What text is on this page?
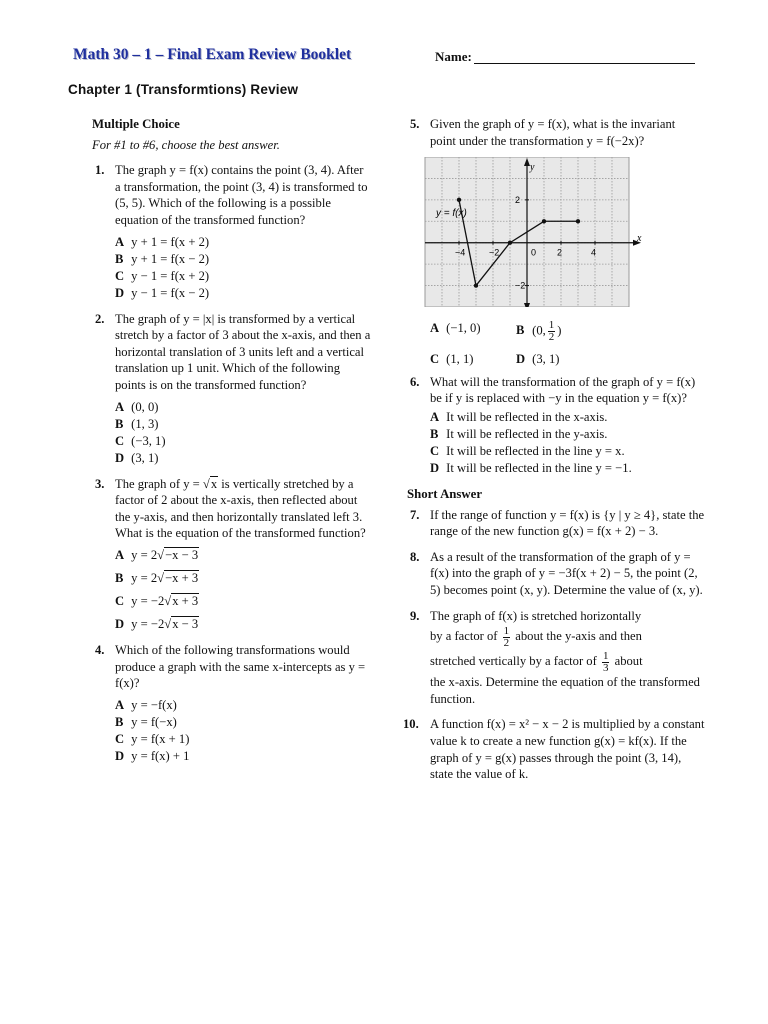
Math 30 – 1 – Final Exam Review Booklet	Name:
Chapter 1 (Transformtions) Review
Multiple Choice
For #1 to #6, choose the best answer.
1. The graph y = f(x) contains the point (3, 4). After a transformation, the point (3, 4) is transformed to (5, 5). Which of the following is a possible equation of the transformed function?
A y + 1 = f(x + 2)
B y + 1 = f(x − 2)
C y − 1 = f(x + 2)
D y − 1 = f(x − 2)
2. The graph of y = |x| is transformed by a vertical stretch by a factor of 3 about the x-axis, and then a horizontal translation of 3 units left and a vertical translation up 1 unit. Which of the following points is on the transformed function?
A (0, 0)
B (1, 3)
C (−3, 1)
D (3, 1)
3. The graph of y = √x is vertically stretched by a factor of 2 about the x-axis, then reflected about the y-axis, and then horizontally translated left 3. What is the equation of the transformed function?
A y = 2√−x − 3
B y = 2√−x + 3
C y = −2√x + 3
D y = −2√x − 3
4. Which of the following transformations would produce a graph with the same x-intercepts as y = f(x)?
A y = −f(x)
B y = f(−x)
C y = f(x + 1)
D y = f(x) + 1
5. Given the graph of y = f(x), what is the invariant point under the transformation y = f(−2x)?
−4	−2	0 2	4
2
−2
y = f(x)
x
y
A (−1, 0)	B (0, $\frac{1}{2}$ )
C (1, 1)	D (3, 1)
6. What will the transformation of the graph of y = f(x) be if y is replaced with −y in the equation y = f(x)?
A It will be reflected in the x-axis.
B It will be reflected in the y-axis.
C It will be reflected in the line y = x.
D It will be reflected in the line y = −1.
Short Answer
7. If the range of function y = f(x) is {y | y ≥ 4}, state the range of the new function g(x) = f(x + 2) − 3.
8. As a result of the transformation of the graph of y = f(x) into the graph of y = −3f(x + 2) − 5, the point (2, 5) becomes point (x, y). Determine the value of (x, y).
9. The graph of f(x) is stretched horizontally
by a factor of $\frac{1}{2}$ about the y-axis and then
stretched vertically by a factor of $\frac{1}{3}$ about
the x-axis. Determine the equation of the transformed function.
10. A function f(x) = x² − x − 2 is multiplied by a constant value k to create a new function g(x) = kf(x). If the graph of y = g(x) passes through the point (3, 14), state the value of k.
